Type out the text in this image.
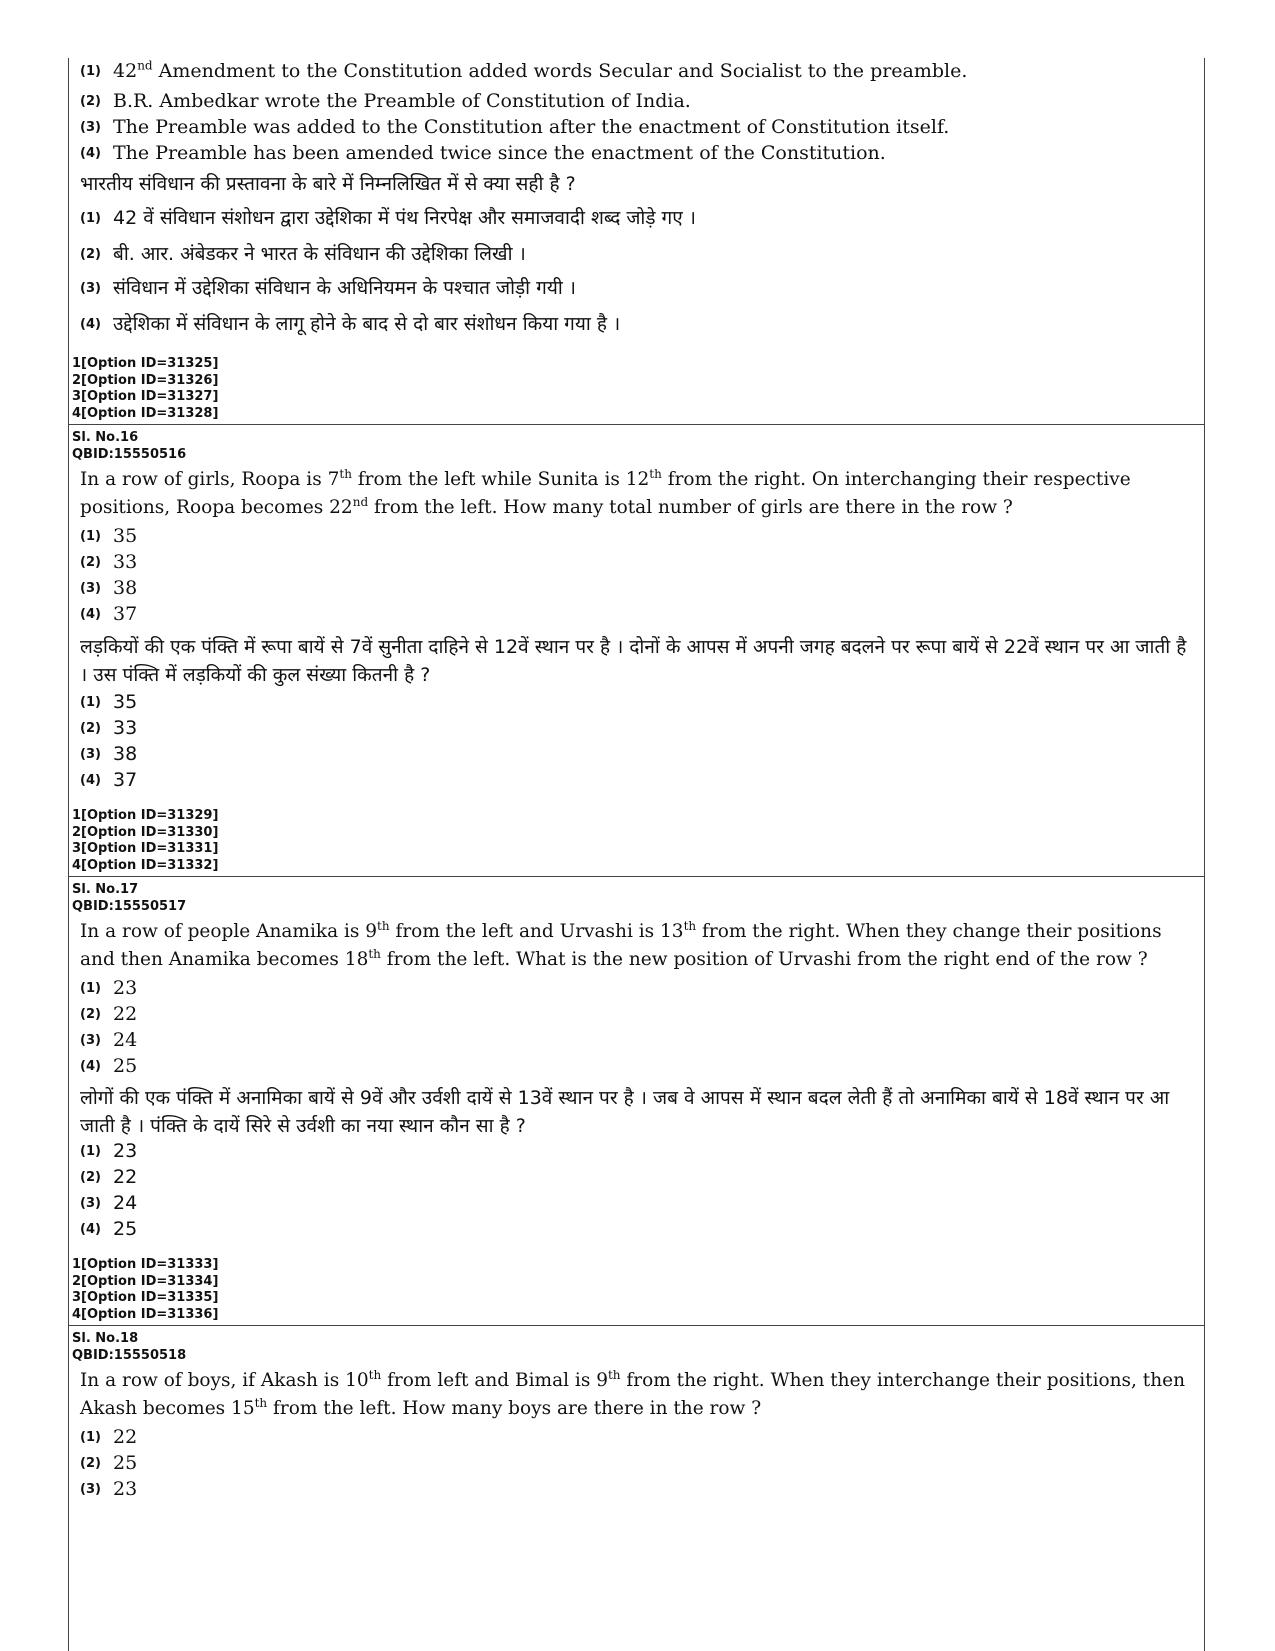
(1) 42nd Amendment to the Constitution added words Secular and Socialist to the preamble.
(2) B.R. Ambedkar wrote the Preamble of Constitution of India.
(3) The Preamble was added to the Constitution after the enactment of Constitution itself.
(4) The Preamble has been amended twice since the enactment of the Constitution.
भारतीय संविधान की प्रस्तावना के बारे में निम्नलिखित में से क्या सही है ?
(1) 42 वें संविधान संशोधन द्वारा उद्देशिका में पंथ निरपेक्ष और समाजवादी शब्द जोड़े गए ।
(2) बी. आर. अंबेडकर ने भारत के संविधान की उद्देशिका लिखी ।
(3) संविधान में उद्देशिका संविधान के अधिनियमन के पश्चात जोड़ी गयी ।
(4) उद्देशिका में संविधान के लागू होने के बाद से दो बार संशोधन किया गया है ।
1[Option ID=31325]
2[Option ID=31326]
3[Option ID=31327]
4[Option ID=31328]
Sl. No.16
QBID:15550516
In a row of girls, Roopa is 7th from the left while Sunita is 12th from the right. On interchanging their respective positions, Roopa becomes 22nd from the left. How many total number of girls are there in the row ?
(1) 35
(2) 33
(3) 38
(4) 37
लड़कियों की एक पंक्ति में रूपा बायें से 7वें सुनीता दाहिने से 12वें स्थान पर है । दोनों के आपस में अपनी जगह बदलने पर रूपा बायें से 22वें स्थान पर आ जाती है । उस पंक्ति में लड़कियों की कुल संख्या कितनी है ?
(1) 35
(2) 33
(3) 38
(4) 37
1[Option ID=31329]
2[Option ID=31330]
3[Option ID=31331]
4[Option ID=31332]
Sl. No.17
QBID:15550517
In a row of people Anamika is 9th from the left and Urvashi is 13th from the right. When they change their positions and then Anamika becomes 18th from the left. What is the new position of Urvashi from the right end of the row ?
(1) 23
(2) 22
(3) 24
(4) 25
लोगों की एक पंक्ति में अनामिका बायें से 9वें और उर्वशी दायें से 13वें स्थान पर है । जब वे आपस में स्थान बदल लेती हैं तो अनामिका बायें से 18वें स्थान पर आ जाती है । पंक्ति के दायें सिरे से उर्वशी का नया स्थान कौन सा है ?
(1) 23
(2) 22
(3) 24
(4) 25
1[Option ID=31333]
2[Option ID=31334]
3[Option ID=31335]
4[Option ID=31336]
Sl. No.18
QBID:15550518
In a row of boys, if Akash is 10th from left and Bimal is 9th from the right. When they interchange their positions, then Akash becomes 15th from the left. How many boys are there in the row ?
(1) 22
(2) 25
(3) 23
